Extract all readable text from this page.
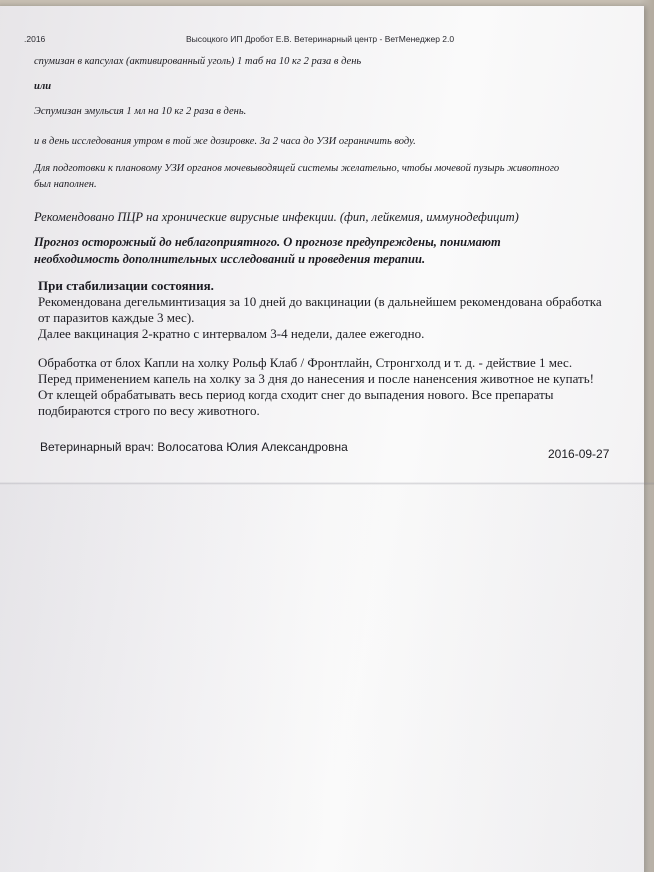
.2016	Высоцкого ИП Дробот Е.В. Ветеринарный центр - ВетМенеджер 2.0

спумизан в капсулах (активированный уголь) 1 таб на 10 кг 2 раза в день

или

Эспумизан эмульсия 1 мл на 10 кг 2 раза в день.

и в день исследования утром в той же дозировке. За 2 часа до УЗИ ограничить воду.

Для подготовки к плановому УЗИ органов мочевыводящей системы желательно, чтобы мочевой пузырь животного

был наполнен.

Рекомендовано ПЦР на хронические вирусные инфекции. (фип, лейкемия, иммунодефицит)

Прогноз осторожный до неблагоприятного. О прогнозе предупреждены, понимают

необходимость дополнительных исследований и проведения терапии.

При стабилизации состояния.

Рекомендована дегельминтизация за 10 дней до вакцинации (в дальнейшем рекомендована обработка

от паразитов каждые 3 мес).

Далее вакцинация 2-кратно с интервалом 3-4 недели, далее ежегодно.

Обработка от блох Капли на холку Рольф Клаб / Фронтлайн, Стронгхолд и т. д. - действие 1 мес.

Перед применением капель на холку за 3 дня до нанесения и после наненсения животное не купать!

От клещей обрабатывать весь период когда сходит снег до выпадения нового. Все препараты

подбираются строго по весу животного.

Ветеринарный врач: Волосатова Юлия Александровна	2016-09-27
